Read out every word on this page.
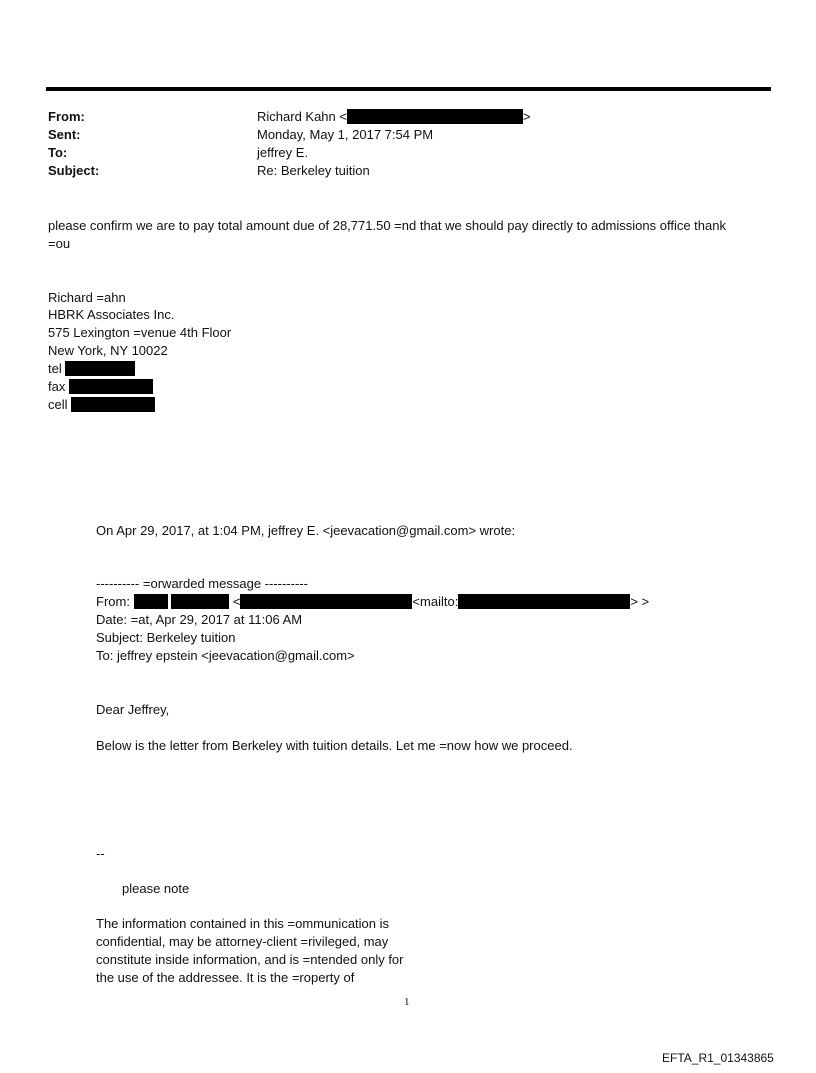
From:	Richard Kahn <	>
Sent:	Monday, May 1, 2017 7:54 PM
To:	jeffrey E.
Subject:	Re: Berkeley tuition
please confirm we are to pay total amount due of 28,771.50 =nd that we should pay directly to admissions office thank
=ou
Richard =ahn
HBRK Associates Inc.
575 Lexington =venue 4th Floor
New York, NY 10022
tel
fax
cell
On Apr 29, 2017, at 1:04 PM, jeffrey E. <jeevacation@gmail.com> wrote:
---------- =orwarded message ----------
From:	<	<mailto:	> >
Date: =at, Apr 29, 2017 at 11:06 AM
Subject: Berkeley tuition
To: jeffrey epstein <jeevacation@gmail.com>
Dear Jeffrey,
Below is the letter from Berkeley with tuition details. Let me =now how we proceed.
--
please note
The information contained in this =ommunication is
confidential, may be attorney-client =rivileged, may
constitute inside information, and is =ntended only for
the use of the addressee. It is the =roperty of
1
EFTA_R1_01343865
